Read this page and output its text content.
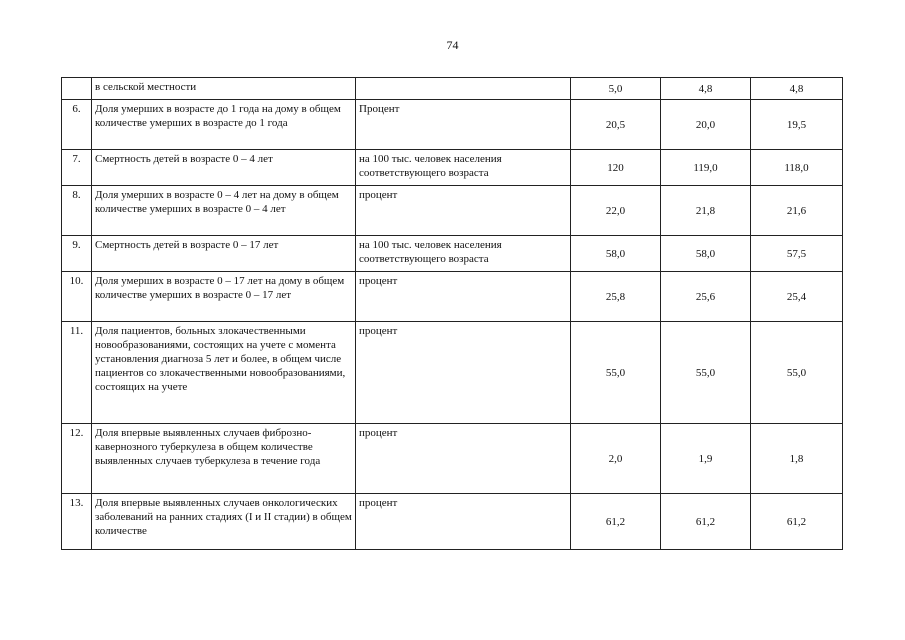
74
	в сельской местности		5,0	4,8	4,8
6.	Доля умерших в возрасте до 1 года на дому в общем количестве умерших в возрасте до 1 года	Процент	20,5	20,0	19,5
7.	Смертность детей в возрасте 0 – 4 лет	на 100 тыс. человек населения соответствующего возраста	120	119,0	118,0
8.	Доля умерших в возрасте 0 – 4 лет на дому в общем количестве умерших в возрасте 0 – 4 лет	процент	22,0	21,8	21,6
9.	Смертность детей в возрасте 0 – 17 лет	на 100 тыс. человек населения соответствующего возраста	58,0	58,0	57,5
10.	Доля умерших в возрасте 0 – 17 лет на дому в общем количестве умерших в возрасте 0 – 17 лет	процент	25,8	25,6	25,4
11.	Доля пациентов, больных злокачественными новообразованиями, состоящих на учете с момента установления диагноза 5 лет и более, в общем числе пациентов со злокачественными новообразованиями, состоящих на учете	процент	55,0	55,0	55,0
12.	Доля впервые выявленных случаев фиброзно-кавернозного туберкулеза в общем количестве выявленных случаев туберкулеза в течение года	процент	2,0	1,9	1,8
13.	Доля впервые выявленных случаев онкологических заболеваний на ранних стадиях (I и II стадии) в общем количестве	процент	61,2	61,2	61,2
